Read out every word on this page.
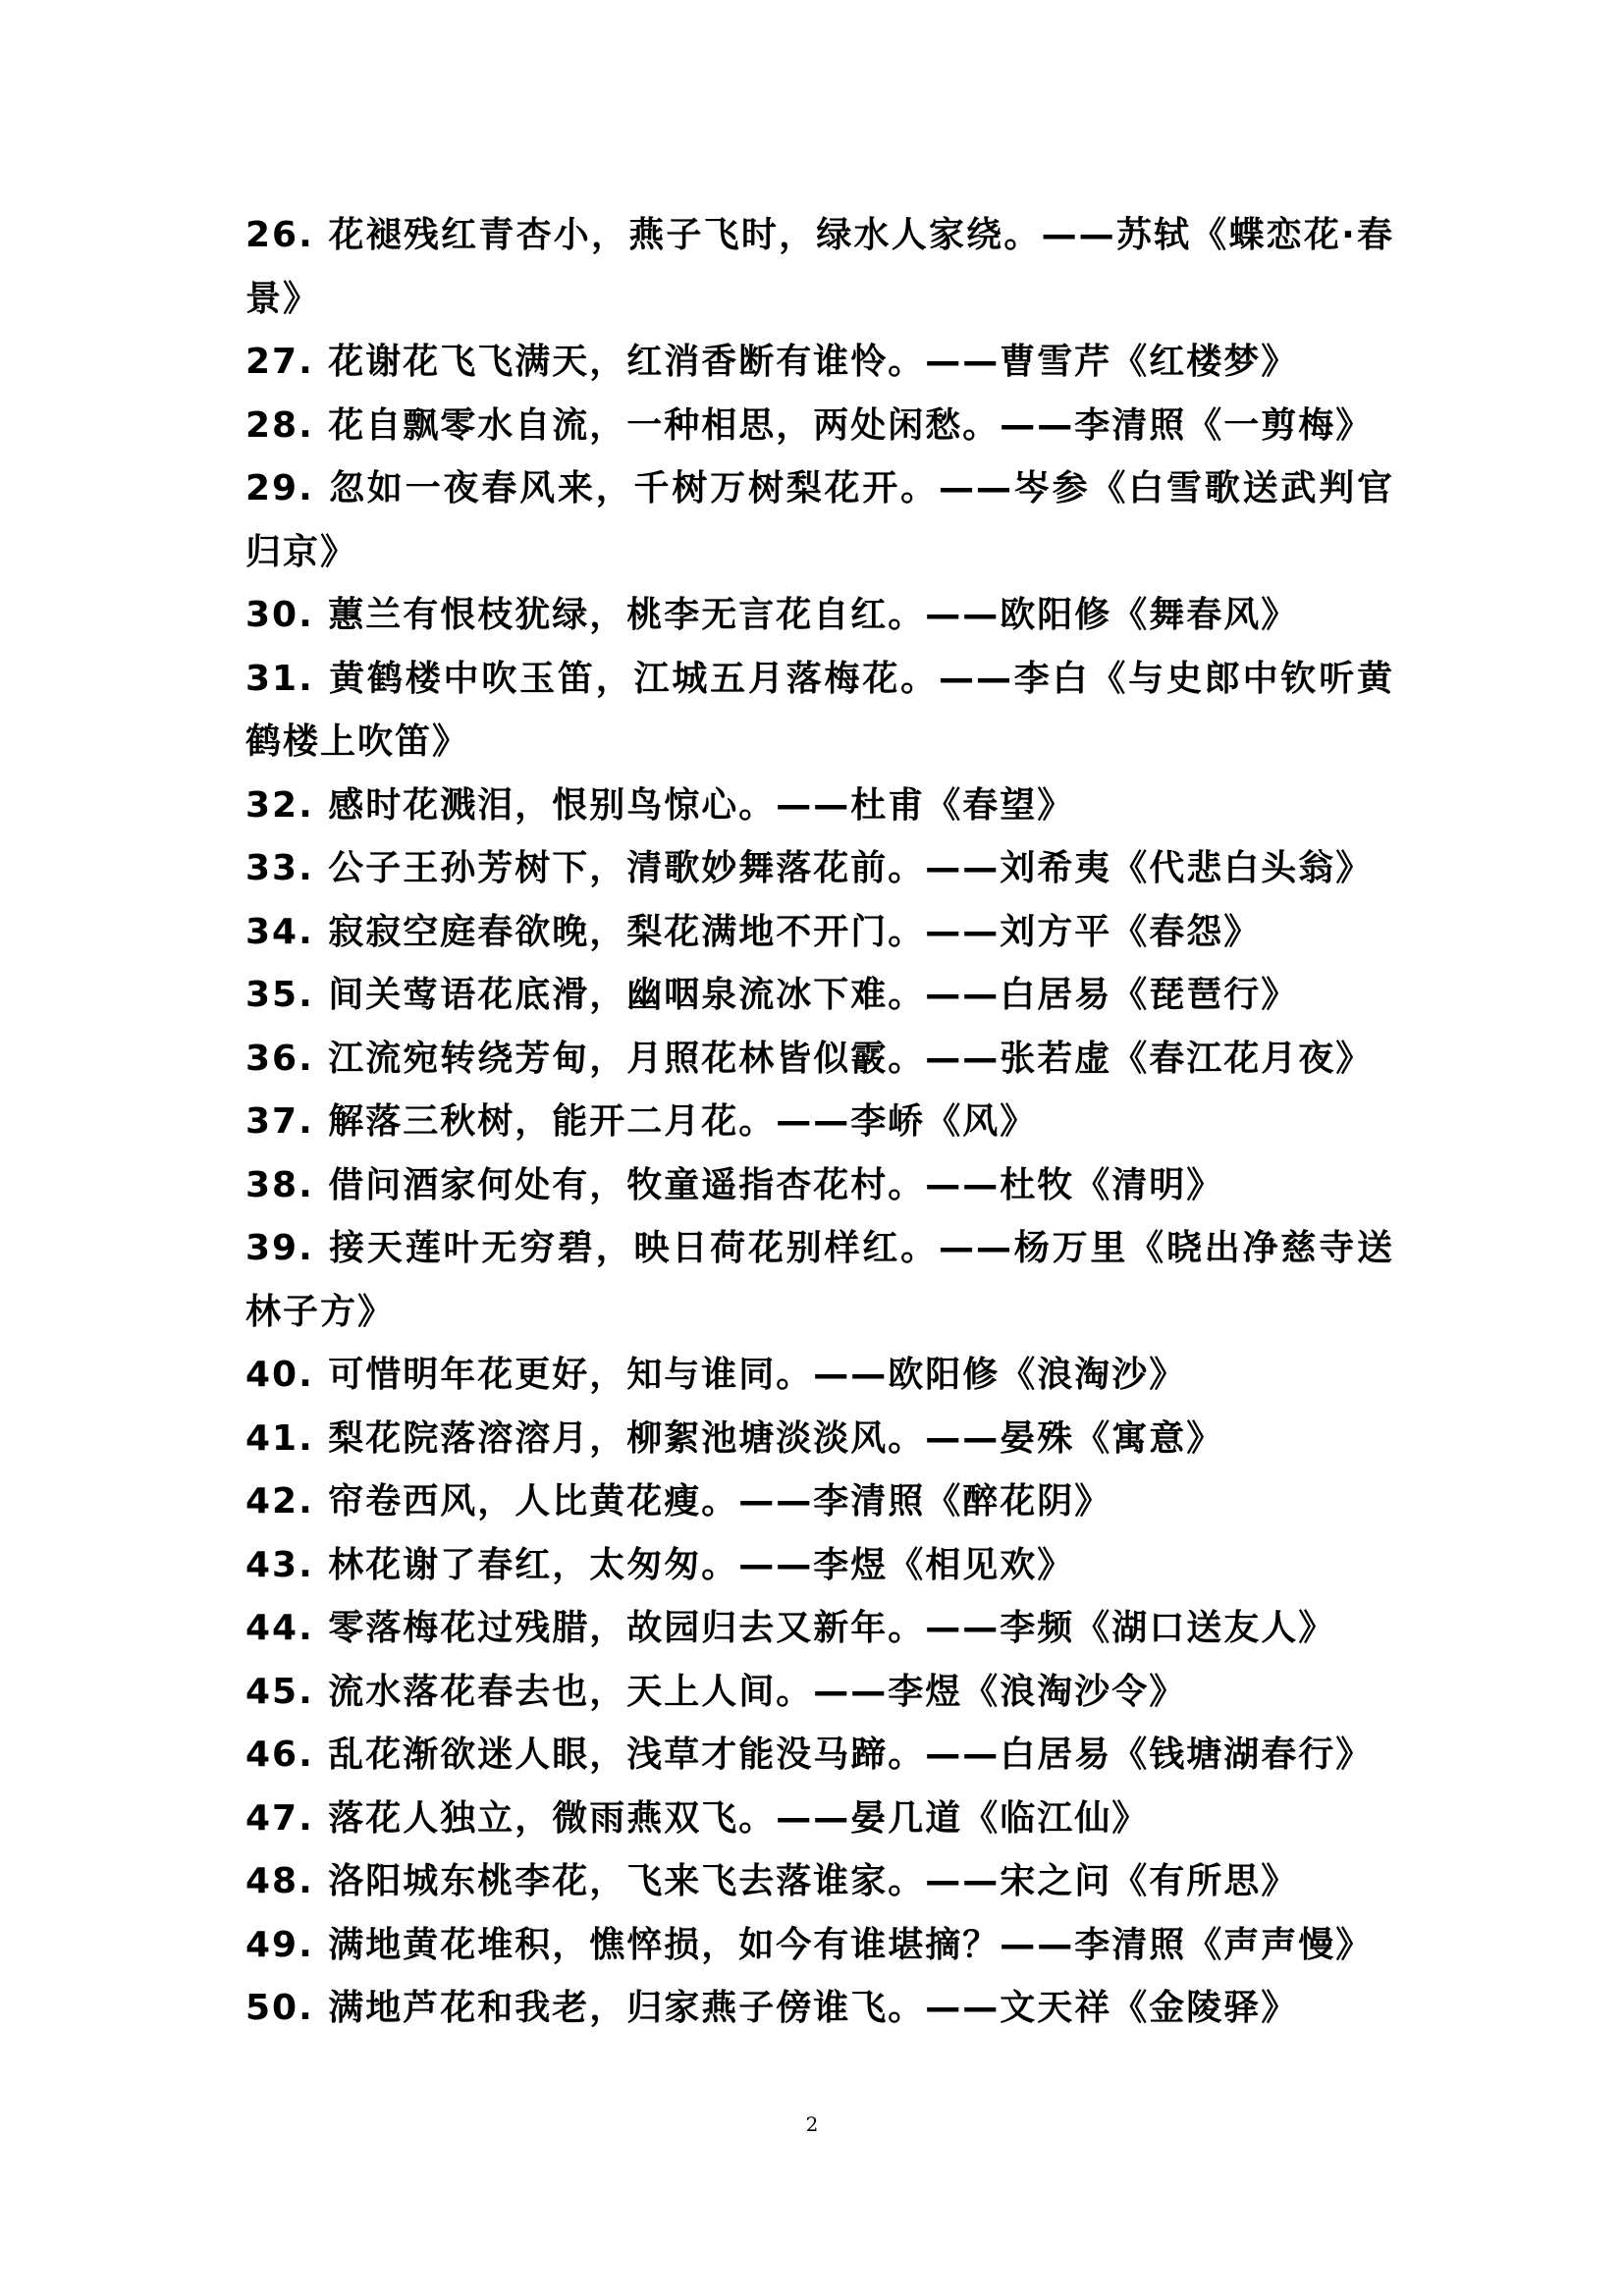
26. 花褪残红青杏小，燕子飞时，绿水人家绕。——苏轼《蝶恋花·春景》
27. 花谢花飞飞满天，红消香断有谁怜。——曹雪芹《红楼梦》
28. 花自飘零水自流，一种相思，两处闲愁。——李清照《一剪梅》
29. 忽如一夜春风来，千树万树梨花开。——岑参《白雪歌送武判官归京》
30. 蕙兰有恨枝犹绿，桃李无言花自红。——欧阳修《舞春风》
31. 黄鹤楼中吹玉笛，江城五月落梅花。——李白《与史郎中钦听黄鹤楼上吹笛》
32. 感时花溅泪，恨别鸟惊心。——杜甫《春望》
33. 公子王孙芳树下，清歌妙舞落花前。——刘希夷《代悲白头翁》
34. 寂寂空庭春欲晚，梨花满地不开门。——刘方平《春怨》
35. 间关莺语花底滑，幽咽泉流冰下难。——白居易《琵琶行》
36. 江流宛转绕芳甸，月照花林皆似霰。——张若虚《春江花月夜》
37. 解落三秋树，能开二月花。——李峤《风》
38. 借问酒家何处有，牧童遥指杏花村。——杜牧《清明》
39. 接天莲叶无穷碧，映日荷花别样红。——杨万里《晓出净慈寺送林子方》
40. 可惜明年花更好，知与谁同。——欧阳修《浪淘沙》
41. 梨花院落溶溶月，柳絮池塘淡淡风。——晏殊《寓意》
42. 帘卷西风，人比黄花瘦。——李清照《醉花阴》
43. 林花谢了春红，太匆匆。——李煜《相见欢》
44. 零落梅花过残腊，故园归去又新年。——李频《湖口送友人》
45. 流水落花春去也，天上人间。——李煜《浪淘沙令》
46. 乱花渐欲迷人眼，浅草才能没马蹄。——白居易《钱塘湖春行》
47. 落花人独立，微雨燕双飞。——晏几道《临江仙》
48. 洛阳城东桃李花，飞来飞去落谁家。——宋之问《有所思》
49. 满地黄花堆积，憔悴损，如今有谁堪摘？——李清照《声声慢》
50. 满地芦花和我老，归家燕子傍谁飞。——文天祥《金陵驿》
2
